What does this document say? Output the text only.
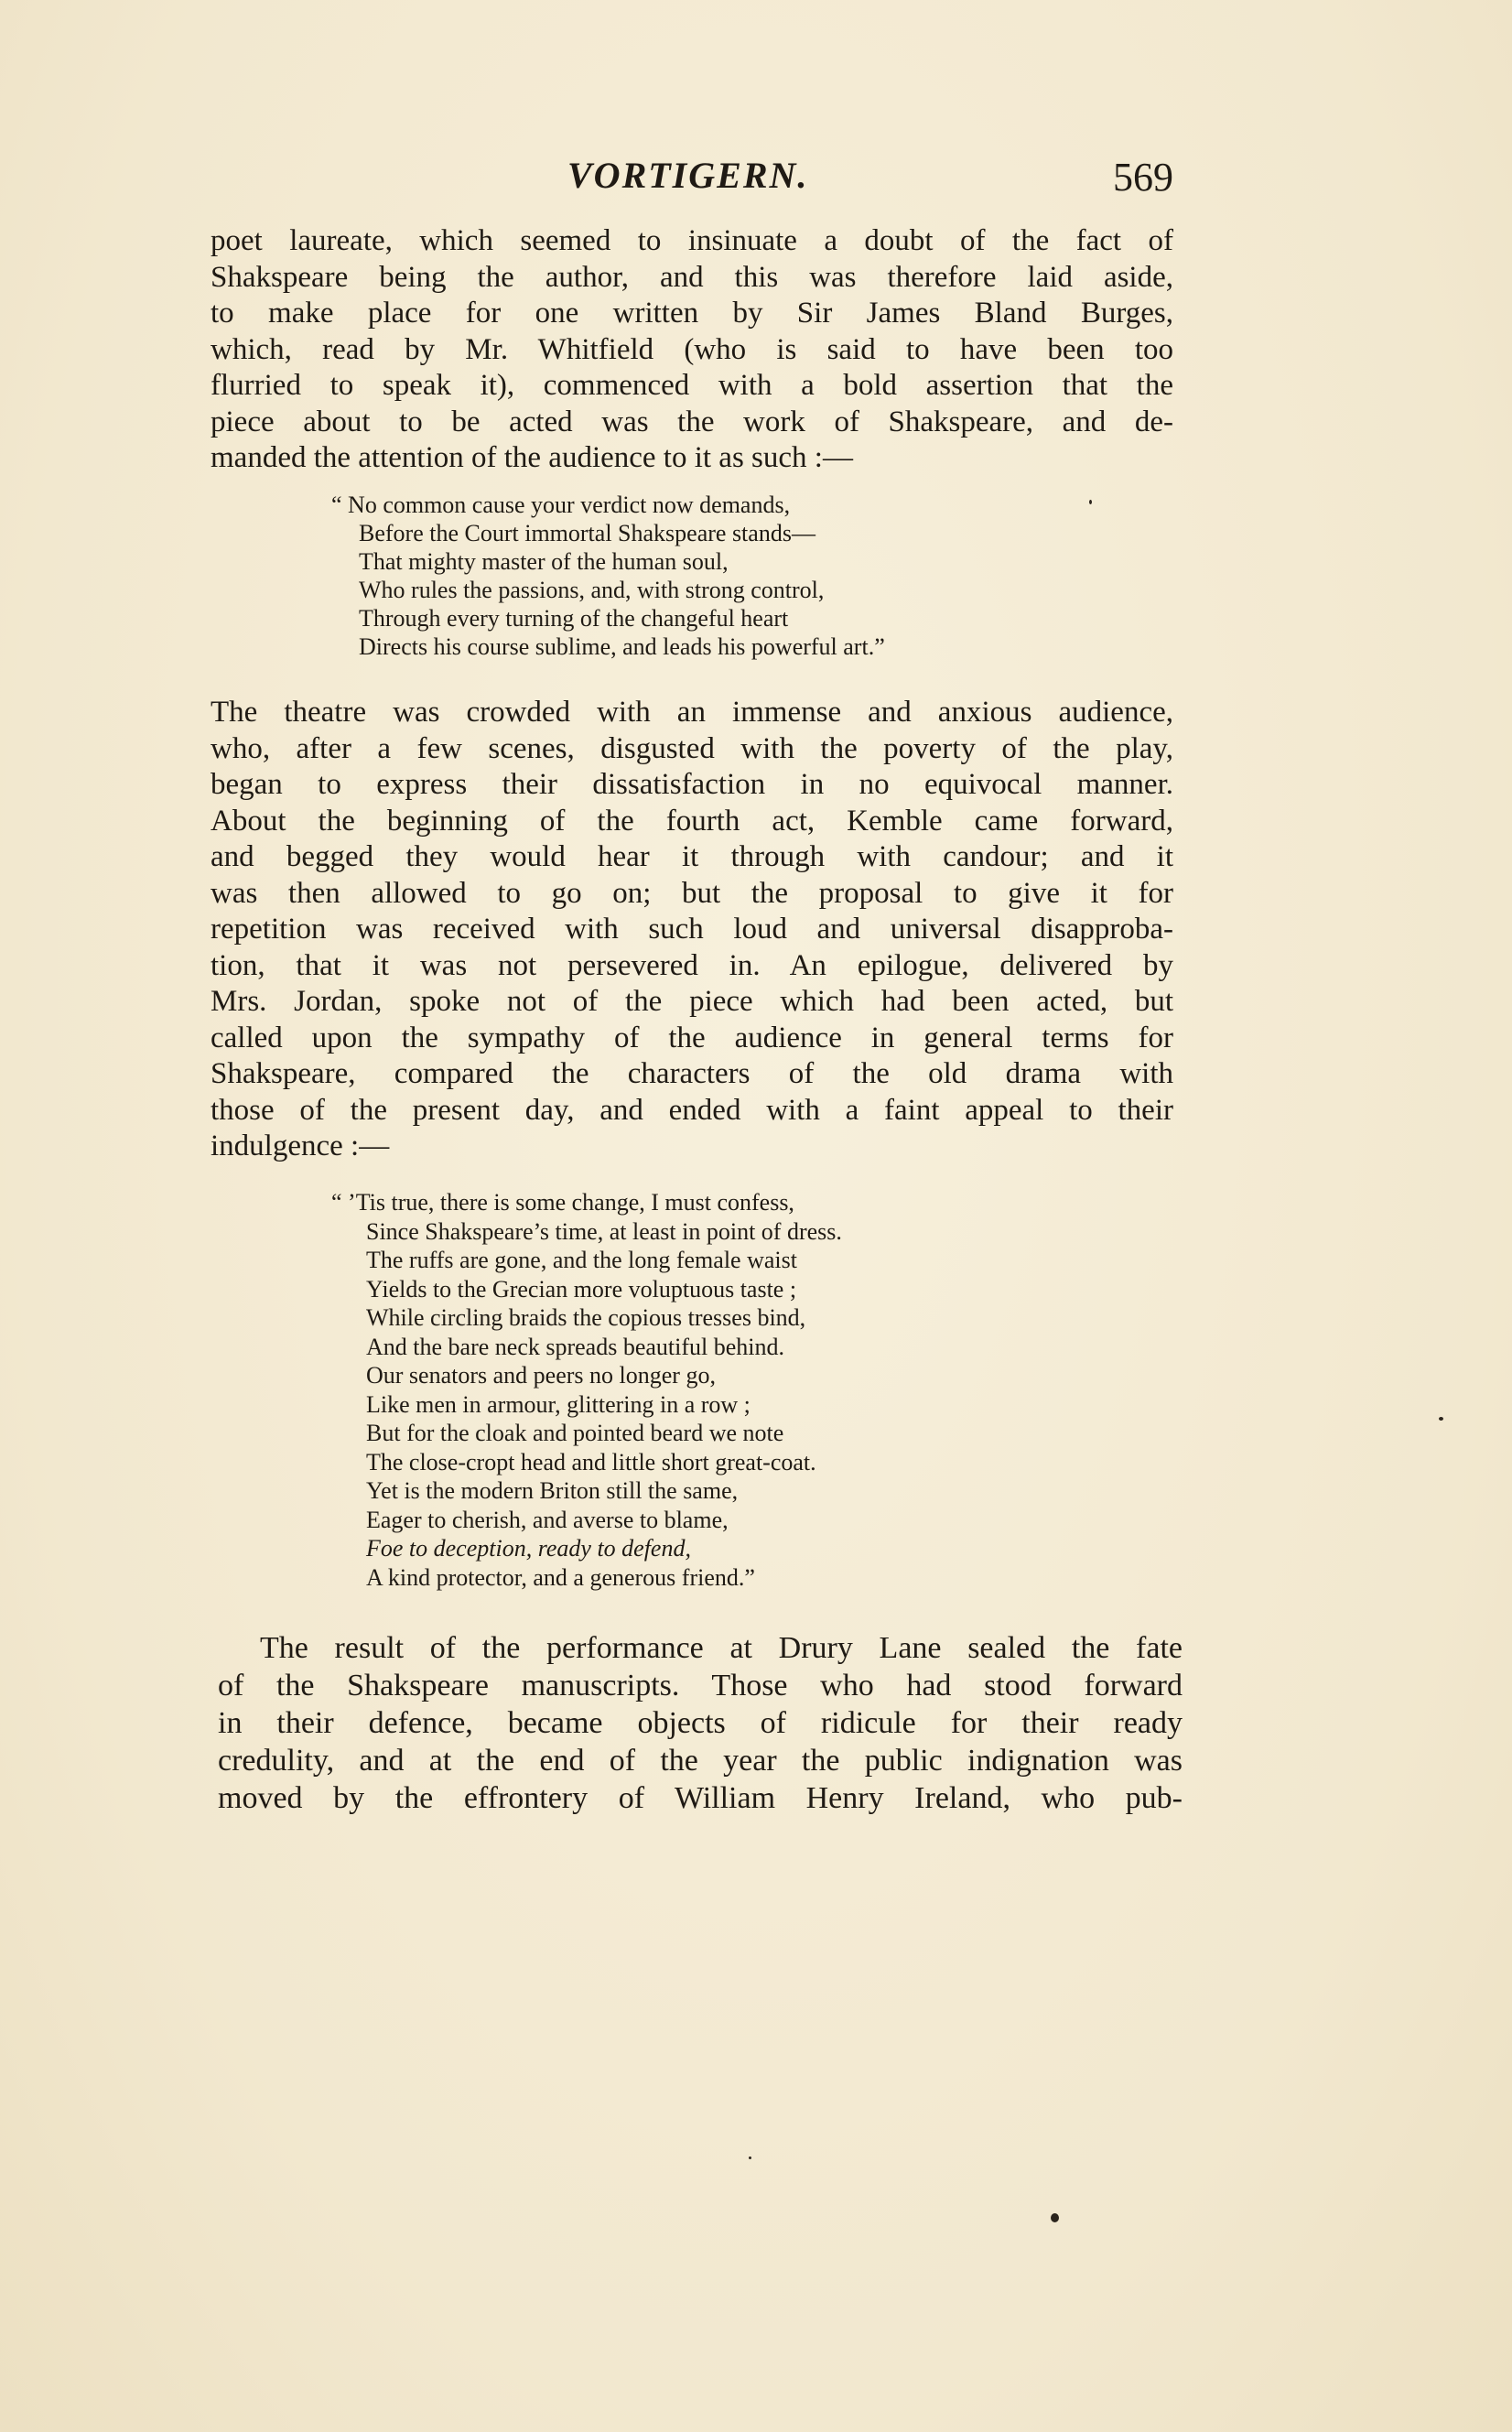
VORTIGERN.	569

poet laureate, which seemed to insinuate a doubt of the fact of
Shakspeare being the author, and this was therefore laid aside,
to make place for one written by Sir James Bland Burges,
which, read by Mr. Whitfield (who is said to have been too
flurried to speak it), commenced with a bold assertion that the
piece about to be acted was the work of Shakspeare, and de-
manded the attention of the audience to it as such :—

“ No common cause your verdict now demands,
Before the Court immortal Shakspeare stands—
That mighty master of the human soul,
Who rules the passions, and, with strong control,
Through every turning of the changeful heart
Directs his course sublime, and leads his powerful art.”

The theatre was crowded with an immense and anxious audience,
who, after a few scenes, disgusted with the poverty of the play,
began to express their dissatisfaction in no equivocal manner.
About the beginning of the fourth act, Kemble came forward,
and begged they would hear it through with candour; and it
was then allowed to go on; but the proposal to give it for
repetition was received with such loud and universal disapproba-
tion, that it was not persevered in. An epilogue, delivered by
Mrs. Jordan, spoke not of the piece which had been acted, but
called upon the sympathy of the audience in general terms for
Shakspeare, compared the characters of the old drama with
those of the present day, and ended with a faint appeal to their
indulgence :—

“ ’Tis true, there is some change, I must confess,
Since Shakspeare’s time, at least in point of dress.
The ruffs are gone, and the long female waist
Yields to the Grecian more voluptuous taste ;
While circling braids the copious tresses bind,
And the bare neck spreads beautiful behind.
Our senators and peers no longer go,
Like men in armour, glittering in a row ;
But for the cloak and pointed beard we note
The close-cropt head and little short great-coat.
Yet is the modern Briton still the same,
Eager to cherish, and averse to blame,
Foe to deception, ready to defend,
A kind protector, and a generous friend.”

The result of the performance at Drury Lane sealed the fate
of the Shakspeare manuscripts. Those who had stood forward
in their defence, became objects of ridicule for their ready
credulity, and at the end of the year the public indignation was
moved by the effrontery of William Henry Ireland, who pub-
